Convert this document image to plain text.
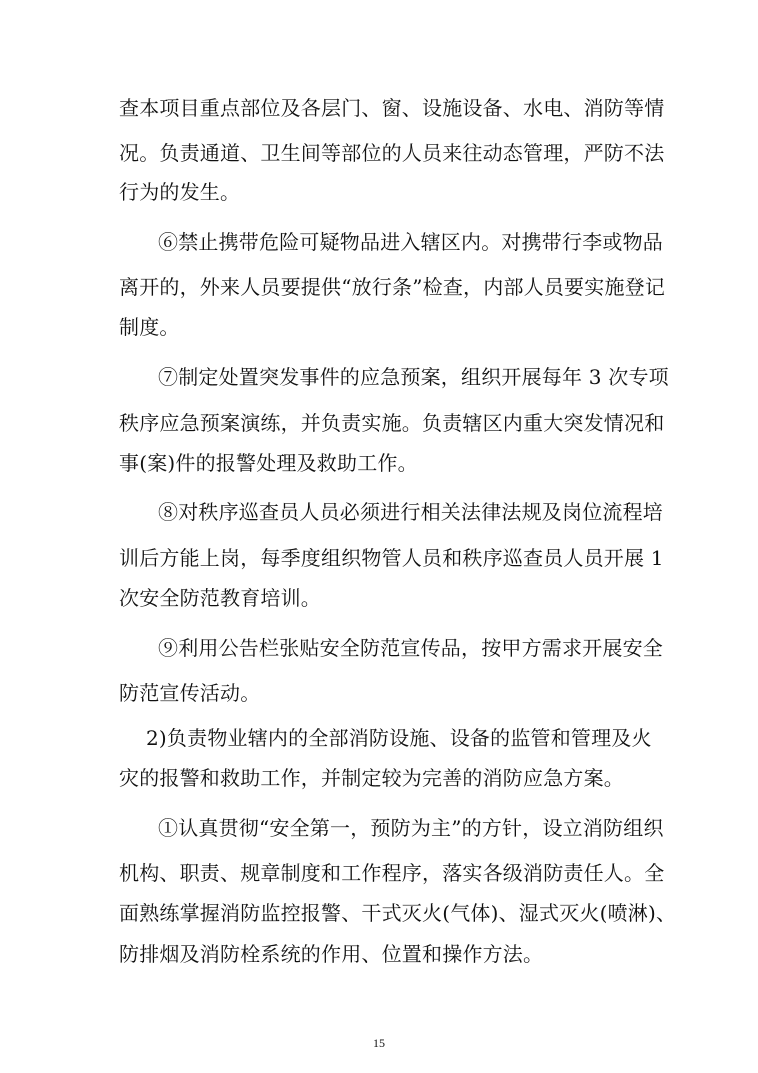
查本项目重点部位及各层门、窗、设施设备、水电、消防等情
况。负责通道、卫生间等部位的人员来往动态管理，严防不法
行为的发生。
⑥禁止携带危险可疑物品进入辖区内。对携带行李或物品
离开的，外来人员要提供“放行条”检查，内部人员要实施登记
制度。
⑦制定处置突发事件的应急预案，组织开展每年 3 次专项
秩序应急预案演练，并负责实施。负责辖区内重大突发情况和
事(案)件的报警处理及救助工作。
⑧对秩序巡查员人员必须进行相关法律法规及岗位流程培
训后方能上岗，每季度组织物管人员和秩序巡查员人员开展 1
次安全防范教育培训。
⑨利用公告栏张贴安全防范宣传品，按甲方需求开展安全
防范宣传活动。
2)负责物业辖内的全部消防设施、设备的监管和管理及火
灾的报警和救助工作，并制定较为完善的消防应急方案。
①认真贯彻“安全第一，预防为主”的方针，设立消防组织
机构、职责、规章制度和工作程序，落实各级消防责任人。全
面熟练掌握消防监控报警、干式灭火(气体)、湿式灭火(喷淋)、
防排烟及消防栓系统的作用、位置和操作方法。
15
